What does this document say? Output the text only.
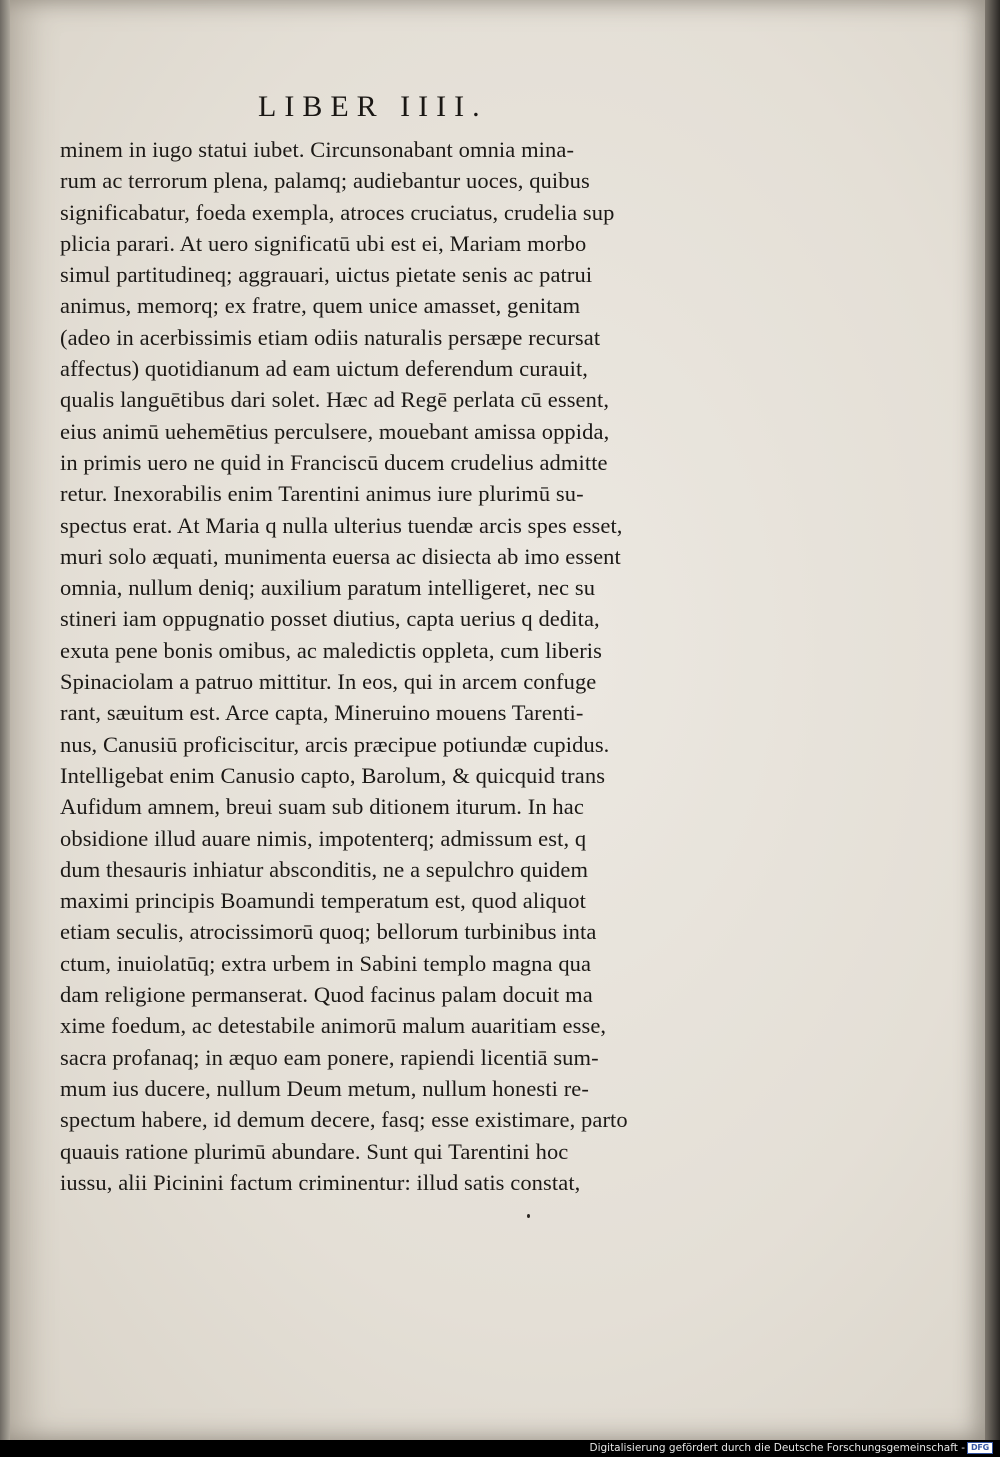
LIBER IIII.
minem in iugo statui iubet. Circunsonabant omnia mina-
rum ac terrorum plena, palamq; audiebantur uoces, quibus
significabatur, foeda exempla, atroces cruciatus, crudelia sup
plicia parari. At uero significatū ubi est ei, Mariam morbo
simul partitudineq; aggrauari, uictus pietate senis ac patrui
animus, memorq; ex fratre, quem unice amasset, genitam
(adeo in acerbissimis etiam odiis naturalis persæpe recursat
affectus) quotidianum ad eam uictum deferendum curauit,
qualis languētibus dari solet. Hæc ad Regē perlata cū essent,
eius animū uehemētius perculsere, mouebant amissa oppida,
in primis uero ne quid in Franciscū ducem crudelius admitte
retur. Inexorabilis enim Tarentini animus iure plurimū su-
spectus erat. At Maria q nulla ulterius tuendæ arcis spes esset,
muri solo æquati, munimenta euersa ac disiecta ab imo essent
omnia, nullum deniq; auxilium paratum intelligeret, nec su
stineri iam oppugnatio posset diutius, capta uerius q dedita,
exuta pene bonis omibus, ac maledictis oppleta, cum liberis
Spinaciolam a patruo mittitur. In eos, qui in arcem confuge
rant, sæuitum est. Arce capta, Mineruino mouens Tarenti-
nus, Canusiū proficiscitur, arcis præcipue potiundæ cupidus.
Intelligebat enim Canusio capto, Barolum, & quicquid trans
Aufidum amnem, breui suam sub ditionem iturum. In hac
obsidione illud auare nimis, impotenterq; admissum est, q
dum thesauris inhiatur absconditis, ne a sepulchro quidem
maximi principis Boamundi temperatum est, quod aliquot
etiam seculis, atrocissimorū quoq; bellorum turbinibus inta
ctum, inuiolatūq; extra urbem in Sabini templo magna qua
dam religione permanserat. Quod facinus palam docuit ma
xime foedum, ac detestabile animorū malum auaritiam esse,
sacra profanaq; in æquo eam ponere, rapiendi licentiā sum-
mum ius ducere, nullum Deum metum, nullum honesti re-
spectum habere, id demum decere, fasq; esse existimare, parto
quauis ratione plurimū abundare. Sunt qui Tarentini hoc
iussu, alii Picinini factum criminentur: illud satis constat,
Digitalisierung gefördert durch die Deutsche Forschungsgemeinschaft - DFG
